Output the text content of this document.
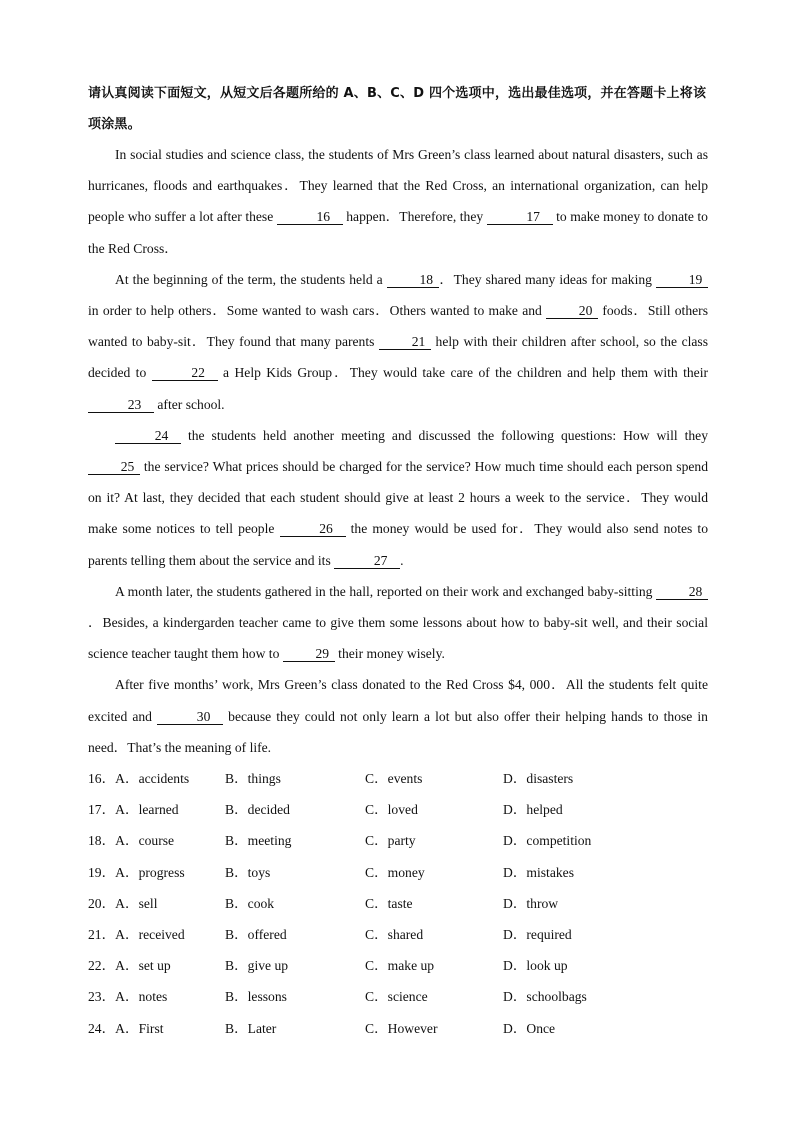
请认真阅读下面短文，从短文后各题所给的 A、B、C、D 四个选项中，选出最佳选项，并在答题卡上将该项涂黑。

In social studies and science class, the students of Mrs Green’s class learned about natural disasters, such as hurricanes, floods and earthquakes．They learned that the Red Cross, an international organization, can help people who suffer a lot after these	16 happen．Therefore, they	17 to make money to donate to the Red Cross．

At the beginning of the term, the students held a 18 ．They shared many ideas for making 19 in order to help others．Some wanted to wash cars．Others wanted to make and 20 foods．Still others wanted to baby-sit．They found that many parents 21 help with their children after school, so the class decided to	22 a Help Kids Group．They would take care of the children and help them with their 23 after school.

24 the students held another meeting and discussed the following questions: How will they 25 the service? What prices should be charged for the service? How much time should each person spend on it? At last, they decided that each student should give at least 2 hours a week to the service．They would make some notices to tell people	26 the money would be used for．They would also send notes to parents telling them about the service and its	27 .

A month later, the students gathered in the hall, reported on their work and exchanged baby-sitting 28．Besides, a kindergarden teacher came to give them some lessons about how to baby-sit well, and their social science teacher taught them how to 29 their money wisely.

After five months’ work, Mrs Green’s class donated to the Red Cross $4, 000．All the students felt quite excited and	30 because they could not only learn a lot but also offer their helping hands to those in need．That’s the meaning of life.

16．A．accidents	B．things	C．events	D．disasters
17．A．learned	B．decided	C．loved	D．helped
18．A．course	B．meeting	C．party	D．competition
19．A．progress	B．toys	C．money	D．mistakes
20．A．sell	B．cook	C．taste	D．throw
21．A．received	B．offered	C．shared	D．required
22．A．set up	B．give up	C．make up	D．look up
23．A．notes	B．lessons	C．science	D．schoolbags
24．A．First	B．Later	C．However	D．Once
